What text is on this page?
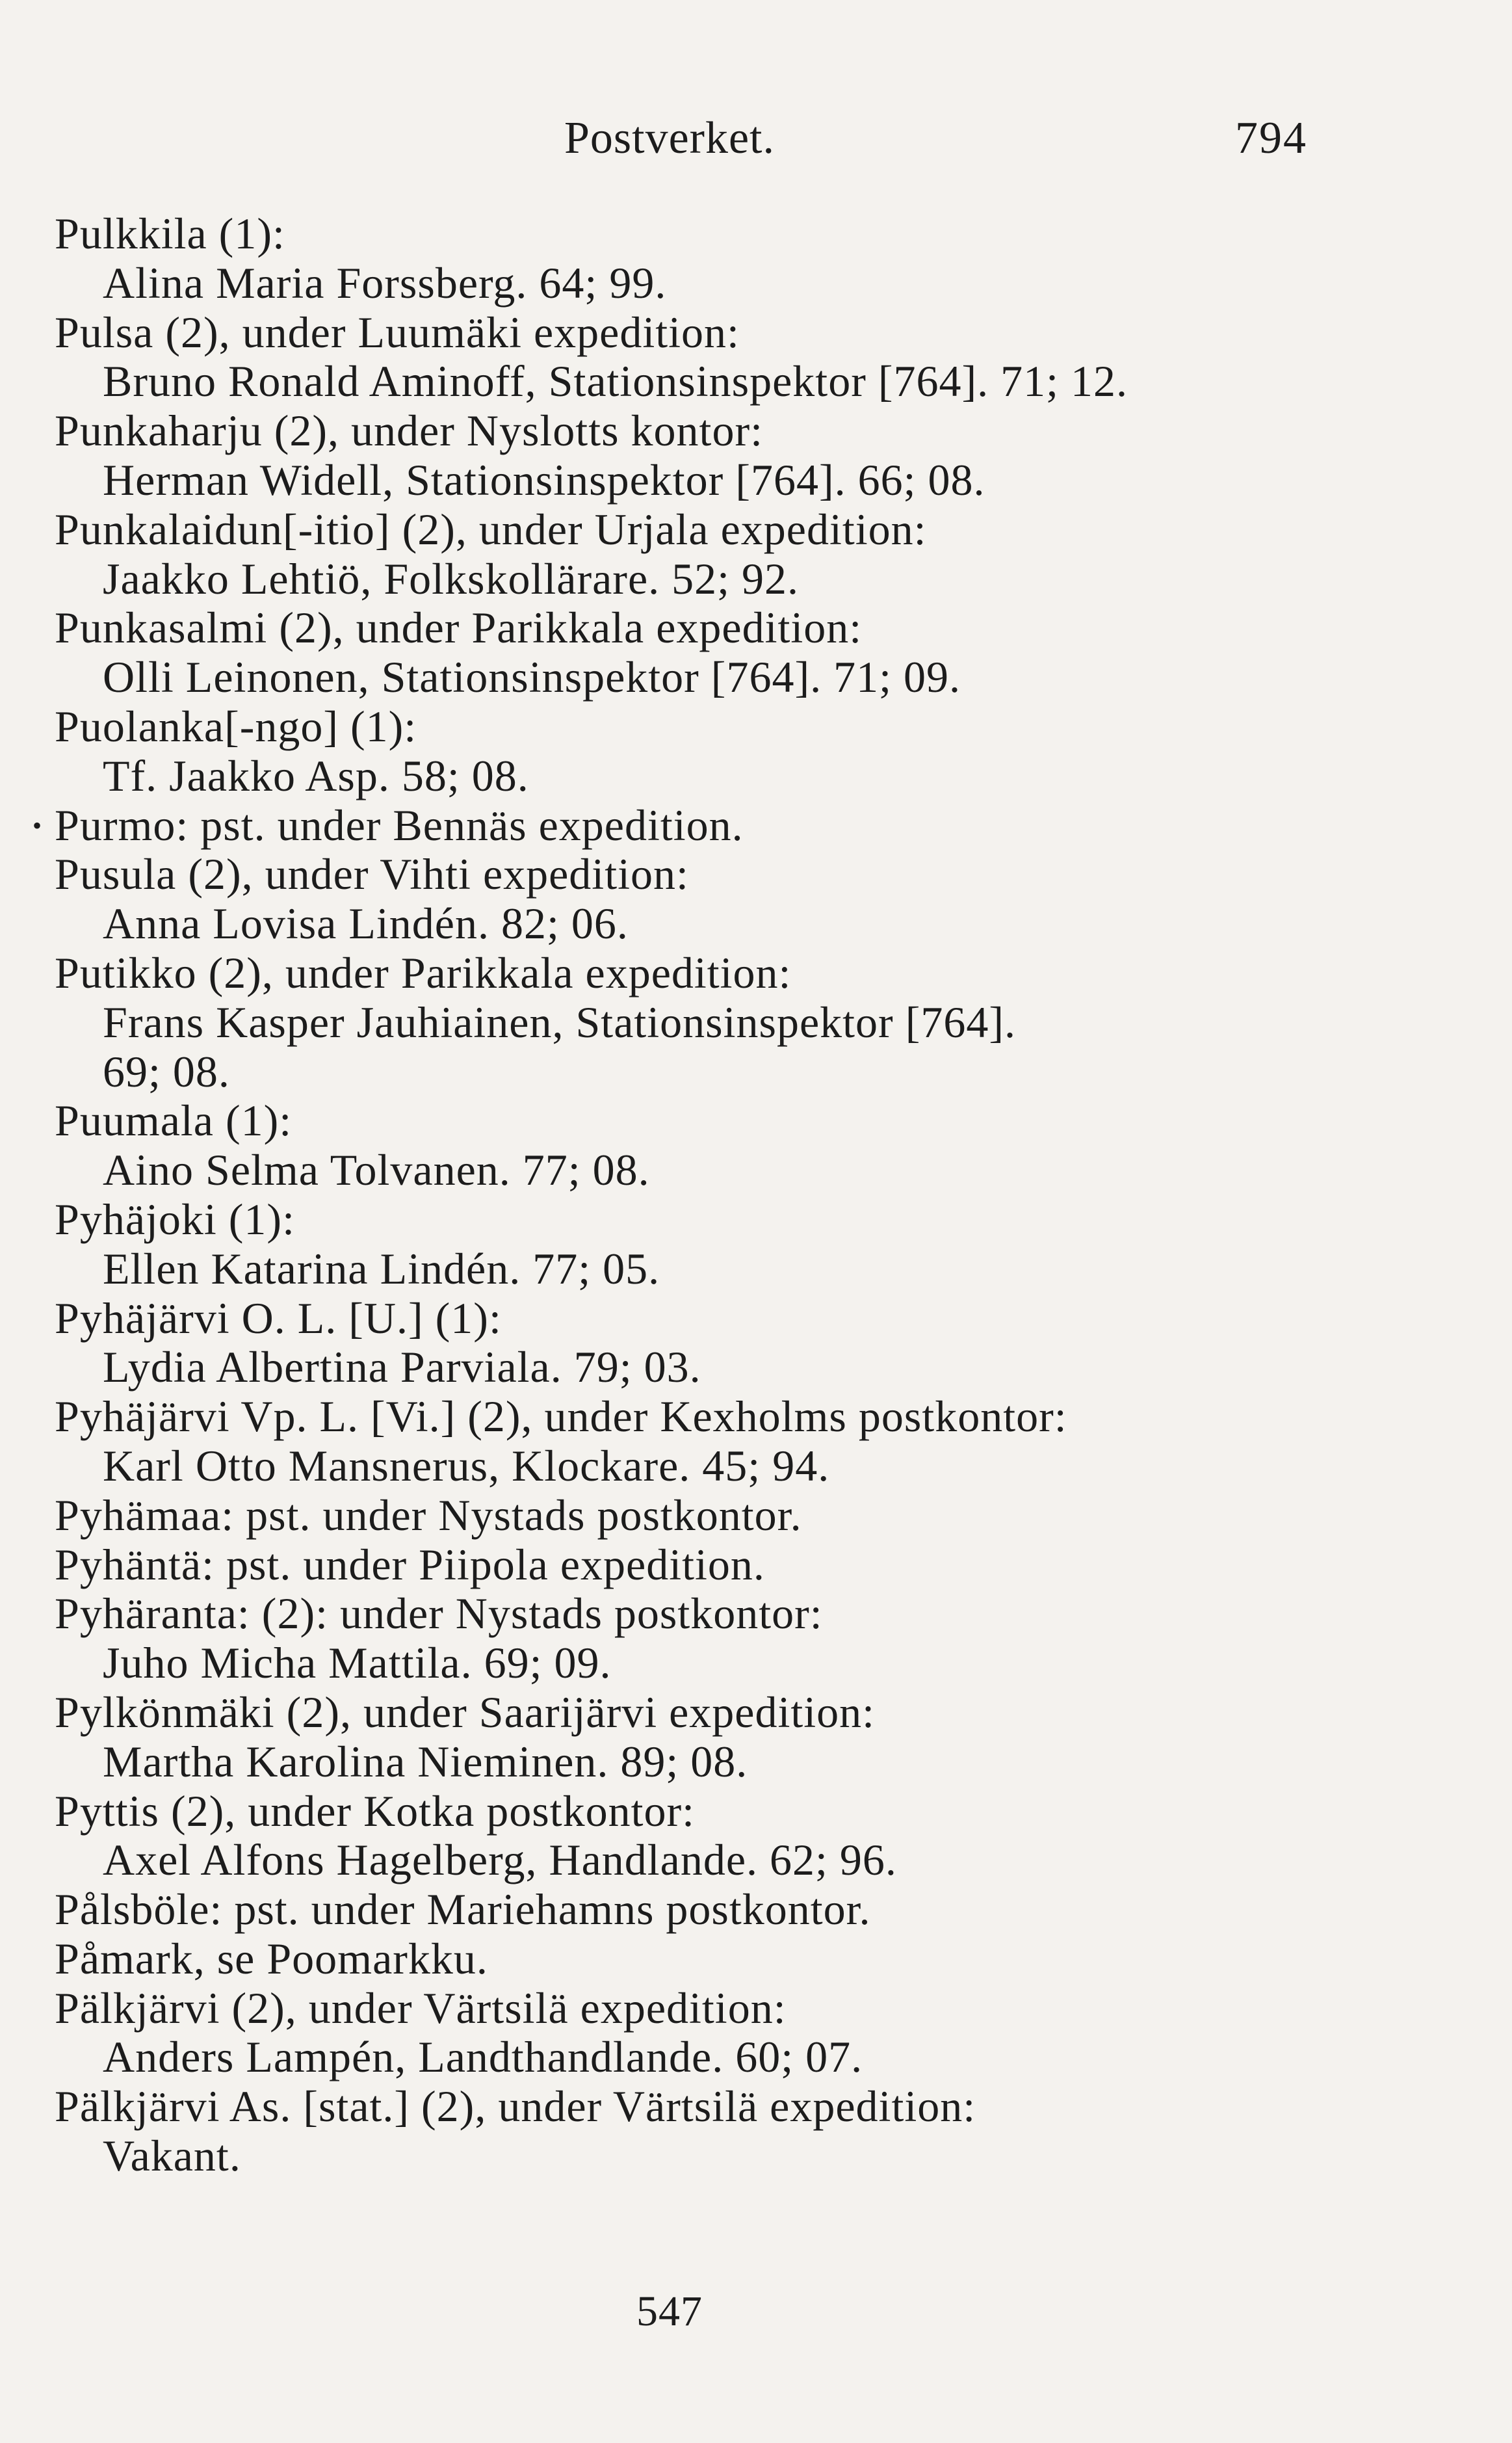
Postverket.	794
Pulkkila (1):
Alina Maria Forssberg. 64; 99.
Pulsa (2), under Luumäki expedition:
Bruno Ronald Aminoff, Stationsinspektor [764]. 71; 12.
Punkaharju (2), under Nyslotts kontor:
Herman Widell, Stationsinspektor [764]. 66; 08.
Punkalaidun[-itio] (2), under Urjala expedition:
Jaakko Lehtiö, Folkskollärare. 52; 92.
Punkasalmi (2), under Parikkala expedition:
Olli Leinonen, Stationsinspektor [764]. 71; 09.
Puolanka[-ngo] (1):
Tf. Jaakko Asp. 58; 08.
• Purmo: pst. under Bennäs expedition.
Pusula (2), under Vihti expedition:
Anna Lovisa Lindén. 82; 06.
Putikko (2), under Parikkala expedition:
Frans Kasper Jauhiainen, Stationsinspektor [764].
69; 08.
Puumala (1):
Aino Selma Tolvanen. 77; 08.
Pyhäjoki (1):
Ellen Katarina Lindén. 77; 05.
Pyhäjärvi O. L. [U.] (1):
Lydia Albertina Parviala. 79; 03.
Pyhäjärvi Vp. L. [Vi.] (2), under Kexholms postkontor:
Karl Otto Mansnerus, Klockare. 45; 94.
Pyhämaa: pst. under Nystads postkontor.
Pyhäntä: pst. under Piipola expedition.
Pyhäranta: (2): under Nystads postkontor:
Juho Micha Mattila. 69; 09.
Pylkönmäki (2), under Saarijärvi expedition:
Martha Karolina Nieminen. 89; 08.
Pyttis (2), under Kotka postkontor:
Axel Alfons Hagelberg, Handlande. 62; 96.
Pålsböle: pst. under Mariehamns postkontor.
Påmark, se Poomarkku.
Pälkjärvi (2), under Värtsilä expedition:
Anders Lampén, Landthandlande. 60; 07.
Pälkjärvi As. [stat.] (2), under Värtsilä expedition:
Vakant.
547
